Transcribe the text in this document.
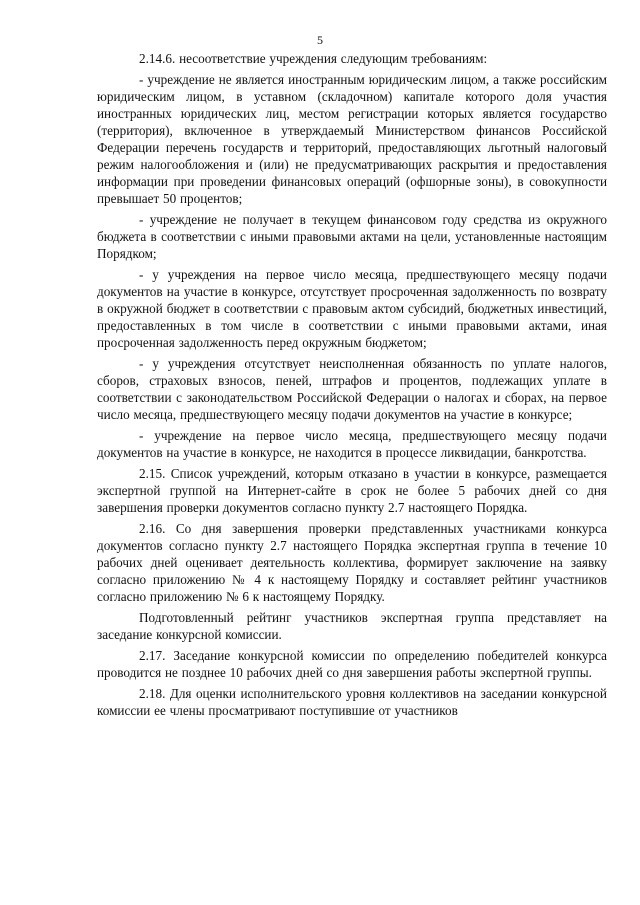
5

2.14.6. несоответствие учреждения следующим требованиям:

- учреждение не является иностранным юридическим лицом, а также российским юридическим лицом, в уставном (складочном) капитале которого доля участия иностранных юридических лиц, местом регистрации которых является государство (территория), включенное в утверждаемый Министерством финансов Российской Федерации перечень государств и территорий, предоставляющих льготный налоговый режим налогообложения и (или) не предусматривающих раскрытия и предоставления информации при проведении финансовых операций (офшорные зоны), в совокупности превышает 50 процентов;

- учреждение не получает в текущем финансовом году средства из окружного бюджета в соответствии с иными правовыми актами на цели, установленные настоящим Порядком;

- у учреждения на первое число месяца, предшествующего месяцу подачи документов на участие в конкурсе, отсутствует просроченная задолженность по возврату в окружной бюджет в соответствии с правовым актом субсидий, бюджетных инвестиций, предоставленных в том числе в соответствии с иными правовыми актами, иная просроченная задолженность перед окружным бюджетом;

- у учреждения отсутствует неисполненная обязанность по уплате налогов, сборов, страховых взносов, пеней, штрафов и процентов, подлежащих уплате в соответствии с законодательством Российской Федерации о налогах и сборах, на первое число месяца, предшествующего месяцу подачи документов на участие в конкурсе;

- учреждение на первое число месяца, предшествующего месяцу подачи документов на участие в конкурсе, не находится в процессе ликвидации, банкротства.

2.15. Список учреждений, которым отказано в участии в конкурсе, размещается экспертной группой на Интернет-сайте в срок не более 5 рабочих дней со дня завершения проверки документов согласно пункту 2.7 настоящего Порядка.

2.16. Со дня завершения проверки представленных участниками конкурса документов согласно пункту 2.7 настоящего Порядка экспертная группа в течение 10 рабочих дней оценивает деятельность коллектива, формирует заключение на заявку согласно приложению № 4 к настоящему Порядку и составляет рейтинг участников согласно приложению № 6 к настоящему Порядку.

Подготовленный рейтинг участников экспертная группа представляет на заседание конкурсной комиссии.

2.17. Заседание конкурсной комиссии по определению победителей конкурса проводится не позднее 10 рабочих дней со дня завершения работы экспертной группы.

2.18. Для оценки исполнительского уровня коллективов на заседании конкурсной комиссии ее члены просматривают поступившие от участников
